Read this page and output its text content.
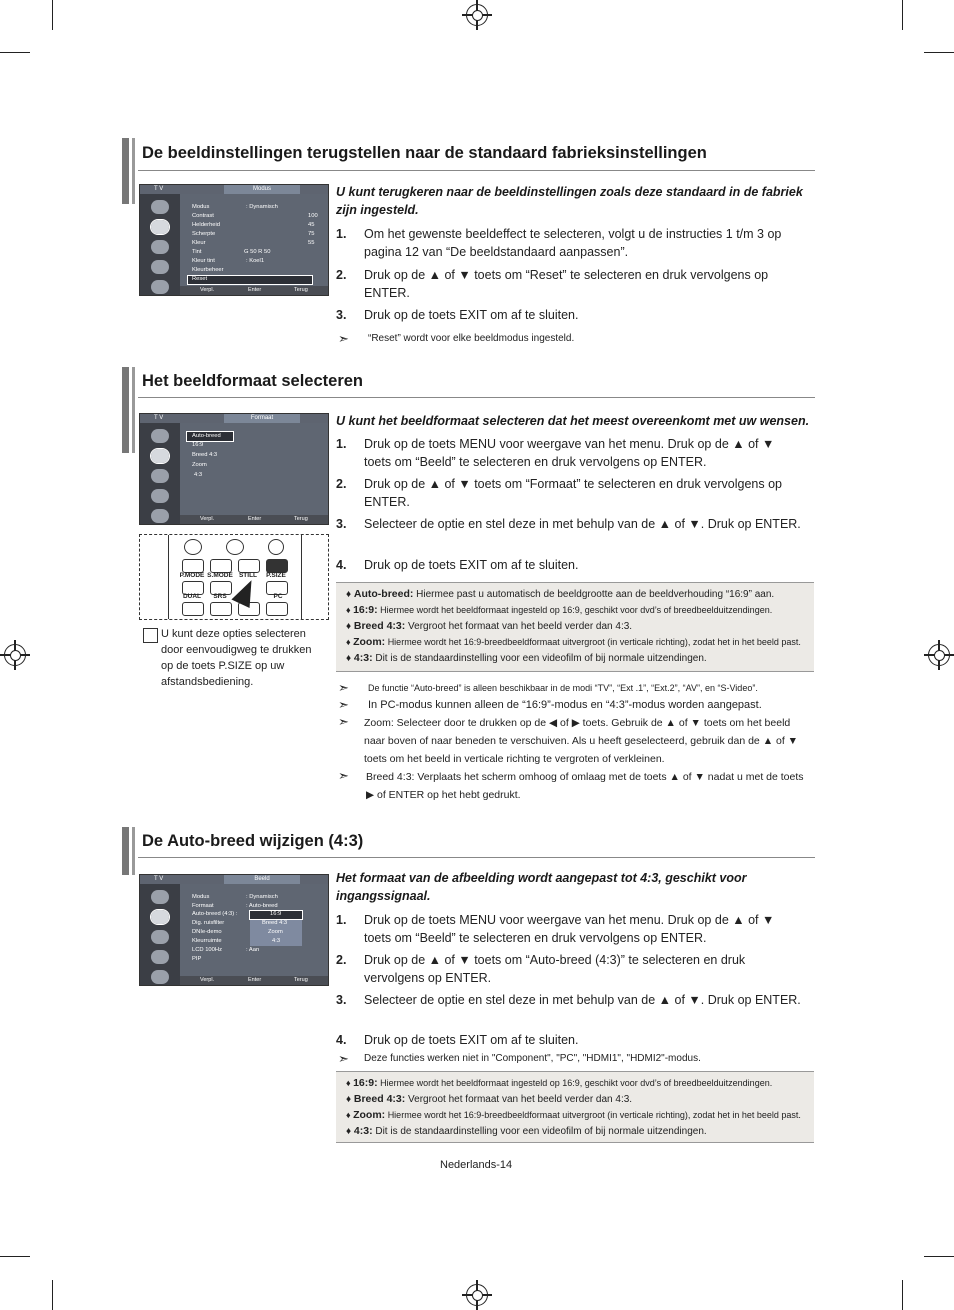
De beeldinstellingen terugstellen naar de standaard fabrieksinstellingen
T V	Modus
Modus	: Dynamisch
Contrast	100
Helderheid	45
Scherpte	75
Kleur	55
Tint	G 50 R 50
Kleur tint	: Koel1
Kleurbeheer
Reset
Verpl.	Enter	Terug
U kunt terugkeren naar de beeldinstellingen zoals deze standaard in de fabriek zijn ingesteld.
1. Om het gewenste beeldeffect te selecteren, volgt u de instructies 1 t/m 3 op pagina 12 van “De beeldstandaard aanpassen”.
2. Druk op de ▲ of ▼ toets om “Reset” te selecteren en druk vervolgens op ENTER.
3. Druk op de toets EXIT om af te sluiten.
➣ “Reset” wordt voor elke beeldmodus ingesteld.
Het beeldformaat selecteren
T V	Formaat
Auto-breed
16:9
Breed 4:3
Zoom
4:3
Verpl.	Enter	Terug
P.MODE S.MODE STILL	P.SIZE
DUAL	SRS	PC
U kunt deze opties selecteren door eenvoudigweg te drukken op de toets P.SIZE op uw afstandsbediening.
U kunt het beeldformaat selecteren dat het meest overeenkomt met uw wensen.
1. Druk op de toets MENU voor weergave van het menu. Druk op de ▲ of ▼ toets om “Beeld” te selecteren en druk vervolgens op ENTER.
2. Druk op de ▲ of ▼ toets om “Formaat” te selecteren en druk vervolgens op ENTER.
3. Selecteer de optie en stel deze in met behulp van de ▲ of ▼. Druk op ENTER.
4. Druk op de toets EXIT om af te sluiten.
♦ Auto-breed: Hiermee past u automatisch de beeldgrootte aan de beeldverhouding “16:9” aan.
♦ 16:9: Hiermee wordt het beeldformaat ingesteld op 16:9, geschikt voor dvd’s of breedbeelduitzendingen.
♦ Breed 4:3: Vergroot het formaat van het beeld verder dan 4:3.
♦ Zoom: Hiermee wordt het 16:9-breedbeeldformaat uitvergroot (in verticale richting), zodat het in het beeld past.
♦ 4:3: Dit is de standaardinstelling voor een videofilm of bij normale uitzendingen.
➣ De functie “Auto-breed” is alleen beschikbaar in de modi “TV”, “Ext .1”, “Ext.2”, “AV”, en “S-Video”.
➣ In PC-modus kunnen alleen de “16:9”-modus en “4:3”-modus worden aangepast.
➣ Zoom: Selecteer door te drukken op de ◀ of ▶ toets. Gebruik de ▲ of ▼ toets om het beeld naar boven of naar beneden te verschuiven. Als u heeft geselecteerd, gebruik dan de ▲ of ▼ toets om het beeld in verticale richting te vergroten of verkleinen.
➣ Breed 4:3: Verplaats het scherm omhoog of omlaag met de toets ▲ of ▼ nadat u met de toets ▶ of ENTER op het hebt gedrukt.
De Auto-breed wijzigen (4:3)
T V	Beeld
Modus	: Dynamisch
Formaat	: Auto-breed
Auto-breed (4:3) :	16:9
Dig. ruisfilter	Breed 4:3
DNIe-demo	Zoom
Kleurruimte	4:3
LCD 100Hz	: Aan
PIP
Verpl.	Enter	Terug
Het formaat van de afbeelding wordt aangepast tot 4:3, geschikt voor ingangssignaal.
1. Druk op de toets MENU voor weergave van het menu. Druk op de ▲ of ▼ toets om “Beeld” te selecteren en druk vervolgens op ENTER.
2. Druk op de ▲ of ▼ toets om “Auto-breed (4:3)” te selecteren en druk vervolgens op ENTER.
3. Selecteer de optie en stel deze in met behulp van de ▲ of ▼. Druk op ENTER.
4. Druk op de toets EXIT om af te sluiten.
➣ Deze functies werken niet in "Component", "PC", "HDMI1", "HDMI2"-modus.
♦ 16:9: Hiermee wordt het beeldformaat ingesteld op 16:9, geschikt voor dvd’s of breedbeelduitzendingen.
♦ Breed 4:3: Vergroot het formaat van het beeld verder dan 4:3.
♦ Zoom: Hiermee wordt het 16:9-breedbeeldformaat uitvergroot (in verticale richting), zodat het in het beeld past.
♦ 4:3: Dit is de standaardinstelling voor een videofilm of bij normale uitzendingen.
Nederlands-14
